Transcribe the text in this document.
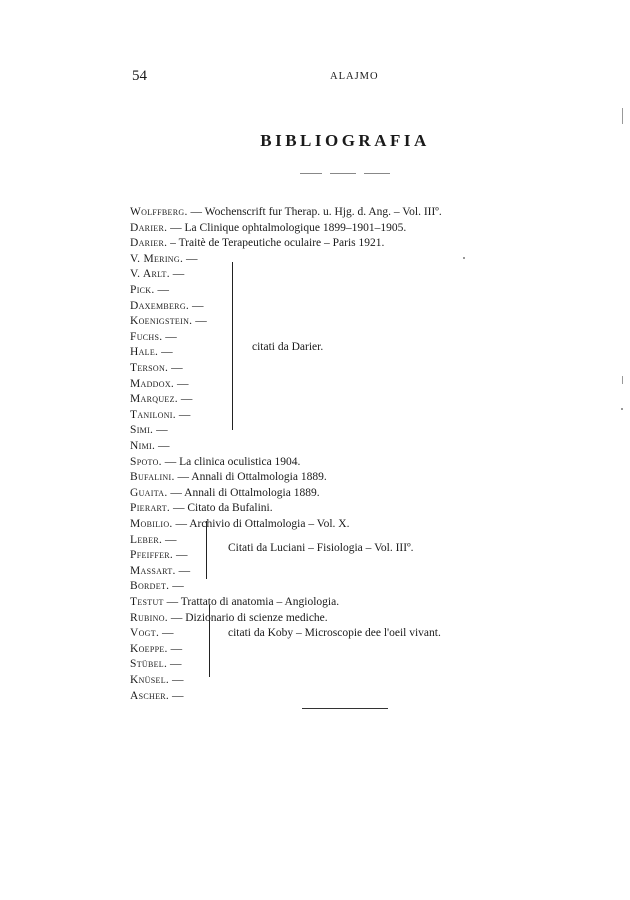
54	ALAJMO
BIBLIOGRAFIA
Wolffberg. — Wochenscrift fur Therap. u. Hjg. d. Ang. – Vol. IIIº.
Darier. — La Clinique ophtalmologique 1899–1901–1905.
Darier. – Traitè de Terapeutiche oculaire – Paris 1921.
V. Mering. —
V. Arlt. —
Pick. —
Daxemberg. —
Koenigstein. —
Fuchs. —
Hale. —
Terson. —
Maddox. —
Marquez. —
Taniloni. —
Simi. —
Nimi. —
Spoto. — La clinica oculistica 1904.
Bufalini. — Annali di Ottalmologia 1889.
Guaita. — Annali di Ottalmologia 1889.
Pierart. — Citato da Bufalini.
Mobilio. — Archivio di Ottalmologia – Vol. X.
Leber. —
Pfeiffer. —
Massart. —
Bordet. —
Testut — Trattato di anatomia – Angiologia.
Rubino. — Dizionario di scienze mediche.
Vogt. —
Koeppe. —
Stübel. —
Knüsel. —
Ascher. —
citati da Darier.
Citati da Luciani – Fisiologia – Vol. IIIº.
citati da Koby – Microscopie dee l'oeil vivant.
